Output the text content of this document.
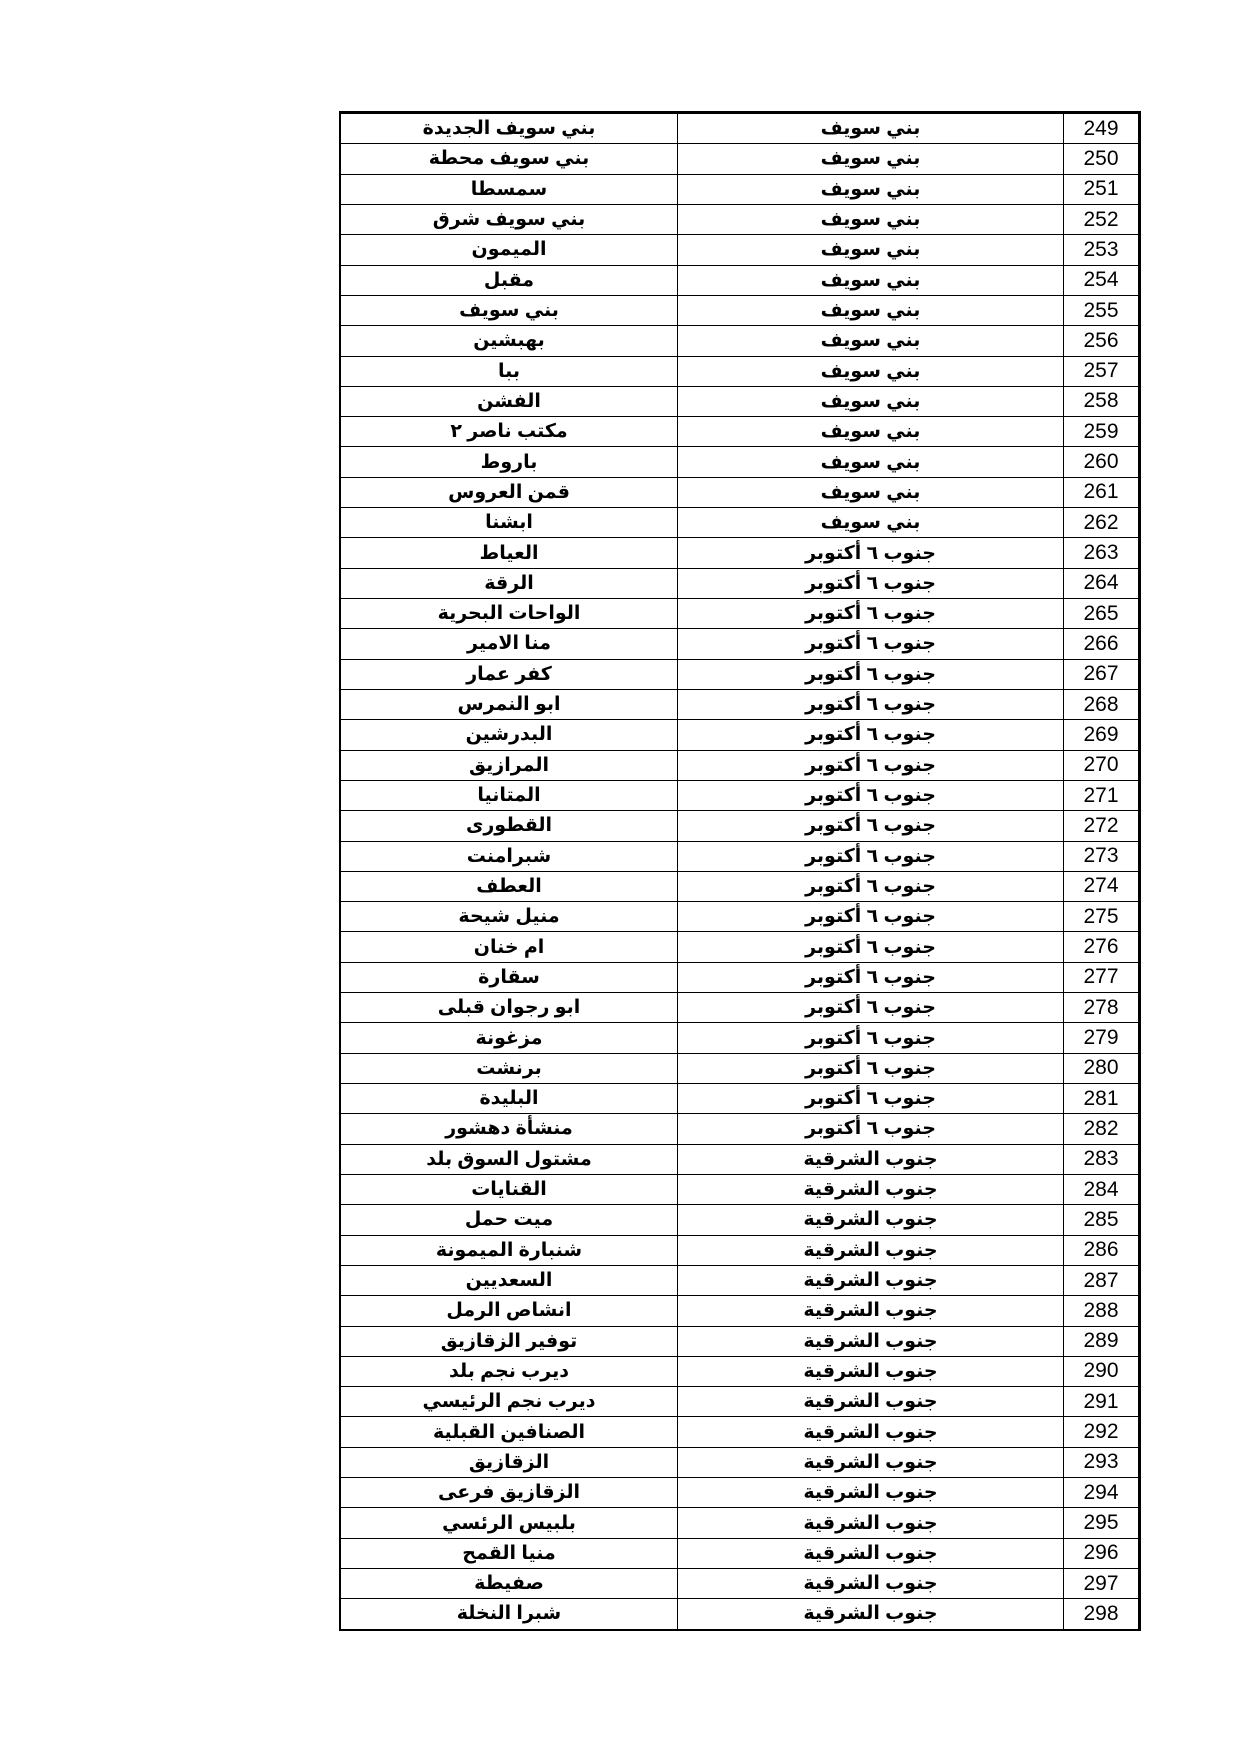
بني سويف الجديدة	بني سويف	249
بني سويف محطة	بني سويف	250
سمسطا	بني سويف	251
بني سويف شرق	بني سويف	252
الميمون	بني سويف	253
مقبل	بني سويف	254
بني سويف	بني سويف	255
بهبشين	بني سويف	256
ببا	بني سويف	257
الفشن	بني سويف	258
مكتب ناصر ٢	بني سويف	259
باروط	بني سويف	260
قمن العروس	بني سويف	261
ابشنا	بني سويف	262
العياط	جنوب ٦ أكتوبر	263
الرقة	جنوب ٦ أكتوبر	264
الواحات البحرية	جنوب ٦ أكتوبر	265
منا الامير	جنوب ٦ أكتوبر	266
كفر عمار	جنوب ٦ أكتوبر	267
ابو النمرس	جنوب ٦ أكتوبر	268
البدرشين	جنوب ٦ أكتوبر	269
المرازيق	جنوب ٦ أكتوبر	270
المتانيا	جنوب ٦ أكتوبر	271
القطورى	جنوب ٦ أكتوبر	272
شبرامنت	جنوب ٦ أكتوبر	273
العطف	جنوب ٦ أكتوبر	274
منيل شيحة	جنوب ٦ أكتوبر	275
ام خنان	جنوب ٦ أكتوبر	276
سقارة	جنوب ٦ أكتوبر	277
ابو رجوان قبلى	جنوب ٦ أكتوبر	278
مزغونة	جنوب ٦ أكتوبر	279
برنشت	جنوب ٦ أكتوبر	280
البليدة	جنوب ٦ أكتوبر	281
منشأة دهشور	جنوب ٦ أكتوبر	282
مشتول السوق بلد	جنوب الشرقية	283
القنايات	جنوب الشرقية	284
ميت حمل	جنوب الشرقية	285
شنبارة الميمونة	جنوب الشرقية	286
السعديين	جنوب الشرقية	287
انشاص الرمل	جنوب الشرقية	288
توفير الزقازيق	جنوب الشرقية	289
ديرب نجم بلد	جنوب الشرقية	290
ديرب نجم الرئيسي	جنوب الشرقية	291
الصنافين القبلية	جنوب الشرقية	292
الزقازيق	جنوب الشرقية	293
الزقازيق فرعى	جنوب الشرقية	294
بلبيس الرئسي	جنوب الشرقية	295
منيا القمح	جنوب الشرقية	296
صفيطة	جنوب الشرقية	297
شبرا النخلة	جنوب الشرقية	298
